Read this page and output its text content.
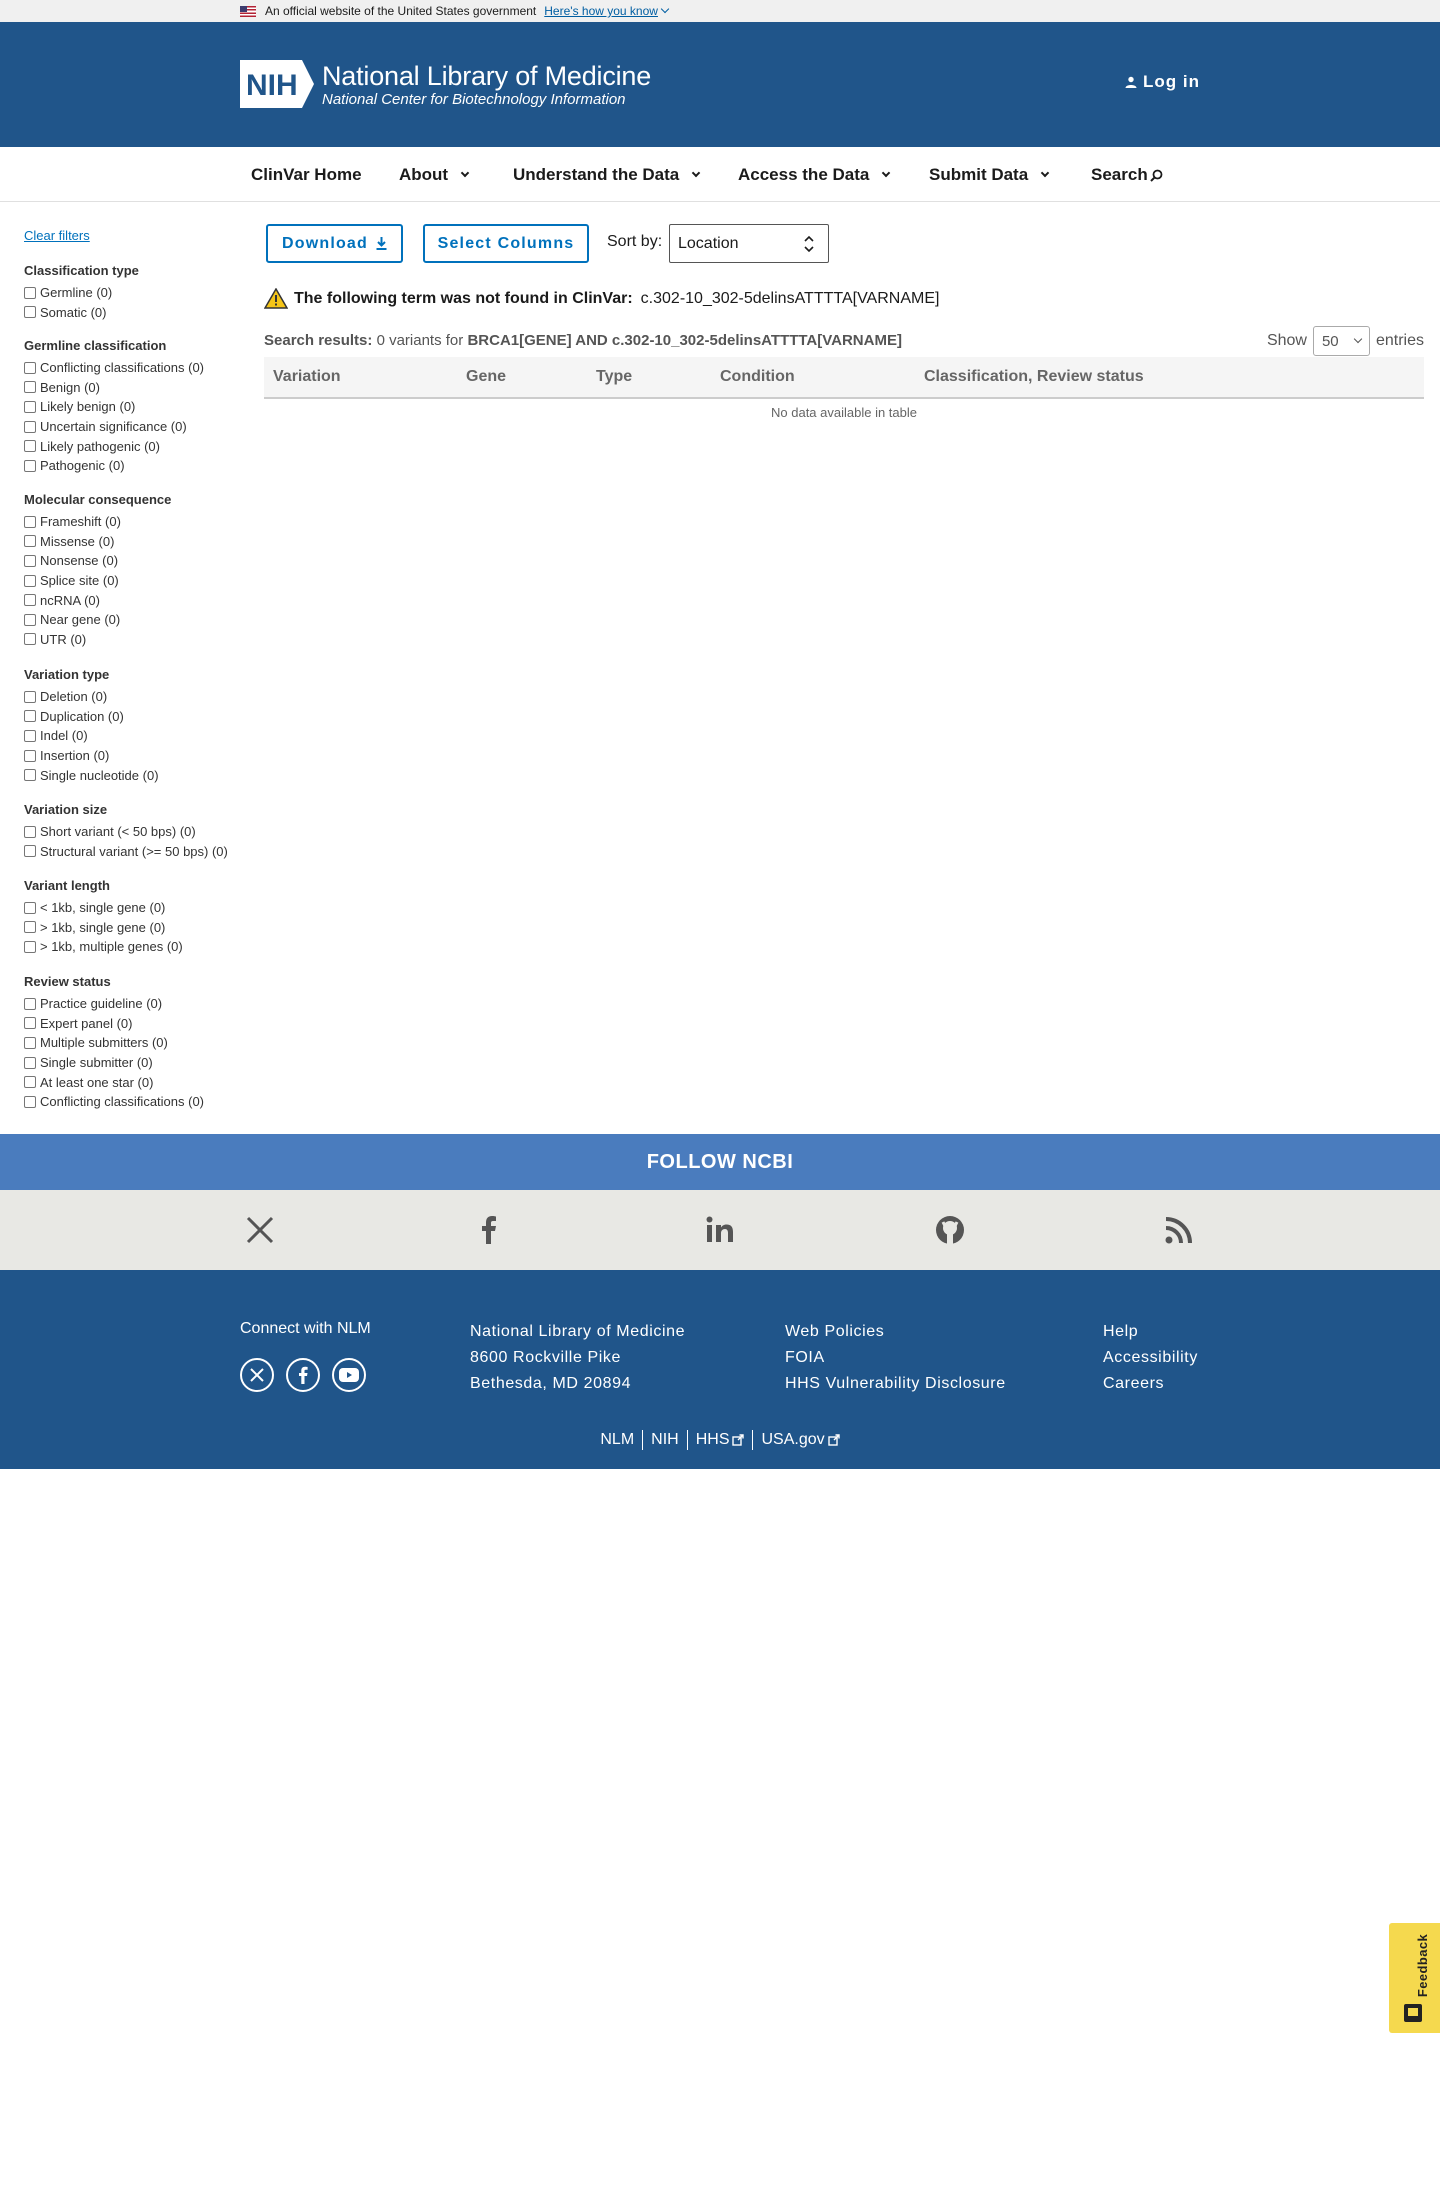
An official website of the United States government Here's how you know
NIH National Library of Medicine
National Center for Biotechnology Information
Log in
ClinVar Home About	Understand the Data	Access the Data	Submit Data	Search
Clear filters
Classification type
Germline (0)
Somatic (0)
Germline classification
Conflicting classifications (0)
Benign (0)
Likely benign (0)
Uncertain significance (0)
Likely pathogenic (0)
Pathogenic (0)
Molecular consequence
Frameshift (0)
Missense (0)
Nonsense (0)
Splice site (0)
ncRNA (0)
Near gene (0)
UTR (0)
Variation type
Deletion (0)
Duplication (0)
Indel (0)
Insertion (0)
Single nucleotide (0)
Variation size
Short variant (< 50 bps) (0)
Structural variant (>= 50 bps) (0)
Variant length
< 1kb, single gene (0)
> 1kb, single gene (0)
> 1kb, multiple genes (0)
Review status
Practice guideline (0)
Expert panel (0)
Multiple submitters (0)
Single submitter (0)
At least one star (0)
Conflicting classifications (0)
Download	Select Columns Sort by: Location
The following term was not found in ClinVar: c.302-10_302-5delinsATTTTA[VARNAME]
Search results: 0 variants for BRCA1[GENE] AND c.302-10_302-5delinsATTTTA[VARNAME]	Show 50 entries
Variation	Gene	Type	Condition	Classification, Review status
No data available in table
FOLLOW NCBI
Connect with NLM	National Library of Medicine
8600 Rockville Pike
Bethesda, MD 20894
Web Policies
FOIA
HHS Vulnerability Disclosure
Help
Accessibility
Careers
NLM NIH HHS USA.gov
Feedback
